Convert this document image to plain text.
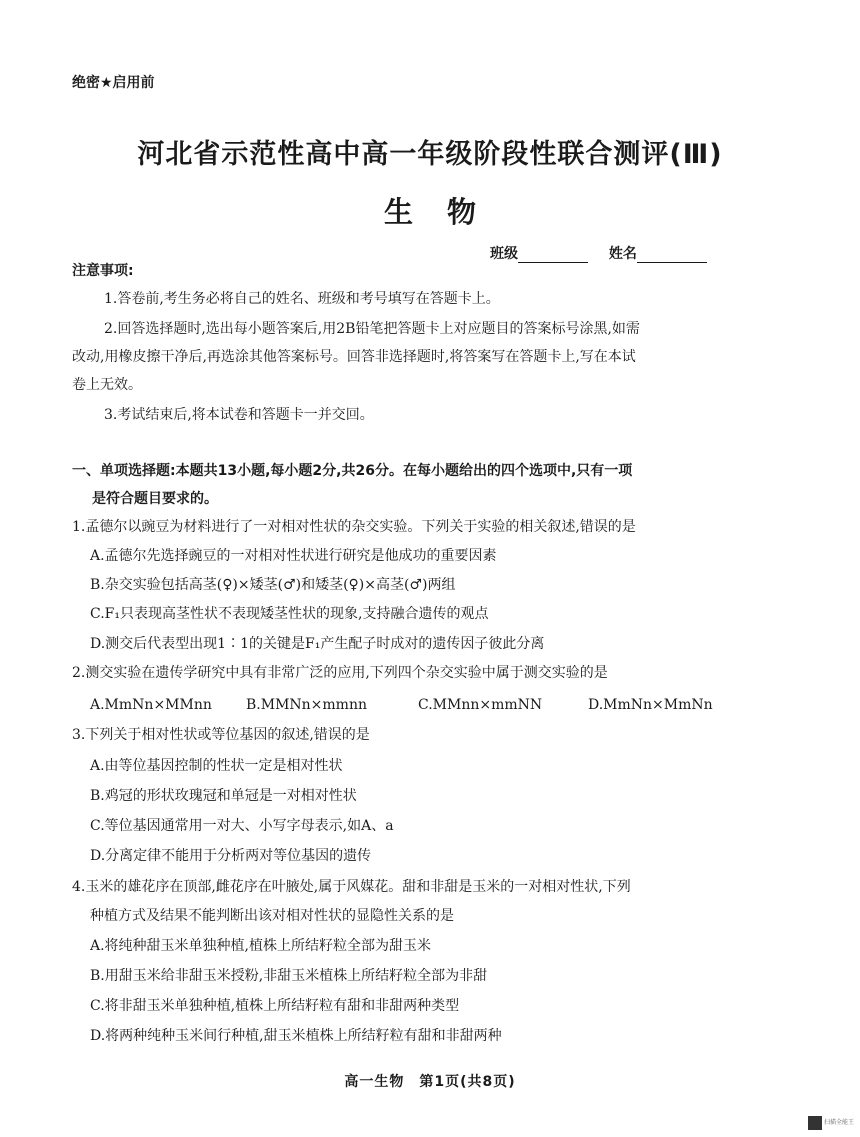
绝密★启用前
河北省示范性高中高一年级阶段性联合测评(Ⅲ)
生物
班级	姓名
注意事项:
1.答卷前,考生务必将自己的姓名、班级和考号填写在答题卡上。
2.回答选择题时,选出每小题答案后,用2B铅笔把答题卡上对应题目的答案标号涂黑,如需
改动,用橡皮擦干净后,再选涂其他答案标号。回答非选择题时,将答案写在答题卡上,写在本试
卷上无效。
3.考试结束后,将本试卷和答题卡一并交回。
一、单项选择题:本题共13小题,每小题2分,共26分。在每小题给出的四个选项中,只有一项
是符合题目要求的。
1.孟德尔以豌豆为材料进行了一对相对性状的杂交实验。下列关于实验的相关叙述,错误的是
A.孟德尔先选择豌豆的一对相对性状进行研究是他成功的重要因素
B.杂交实验包括高茎(♀)×矮茎(♂)和矮茎(♀)×高茎(♂)两组
C.F₁只表现高茎性状不表现矮茎性状的现象,支持融合遗传的观点
D.测交后代表型出现1∶1的关键是F₁产生配子时成对的遗传因子彼此分离
2.测交实验在遗传学研究中具有非常广泛的应用,下列四个杂交实验中属于测交实验的是
A.MmNn×MMnn B.MMNn×mmnn	C.MMnn×mmNN	D.MmNn×MmNn
3.下列关于相对性状或等位基因的叙述,错误的是
A.由等位基因控制的性状一定是相对性状
B.鸡冠的形状玫瑰冠和单冠是一对相对性状
C.等位基因通常用一对大、小写字母表示,如A、a
D.分离定律不能用于分析两对等位基因的遗传
4.玉米的雄花序在顶部,雌花序在叶腋处,属于风媒花。甜和非甜是玉米的一对相对性状,下列
种植方式及结果不能判断出该对相对性状的显隐性关系的是
A.将纯种甜玉米单独种植,植株上所结籽粒全部为甜玉米
B.用甜玉米给非甜玉米授粉,非甜玉米植株上所结籽粒全部为非甜
C.将非甜玉米单独种植,植株上所结籽粒有甜和非甜两种类型
D.将两种纯种玉米间行种植,甜玉米植株上所结籽粒有甜和非甜两种
高一生物　第1页(共8页)
扫描全能王
